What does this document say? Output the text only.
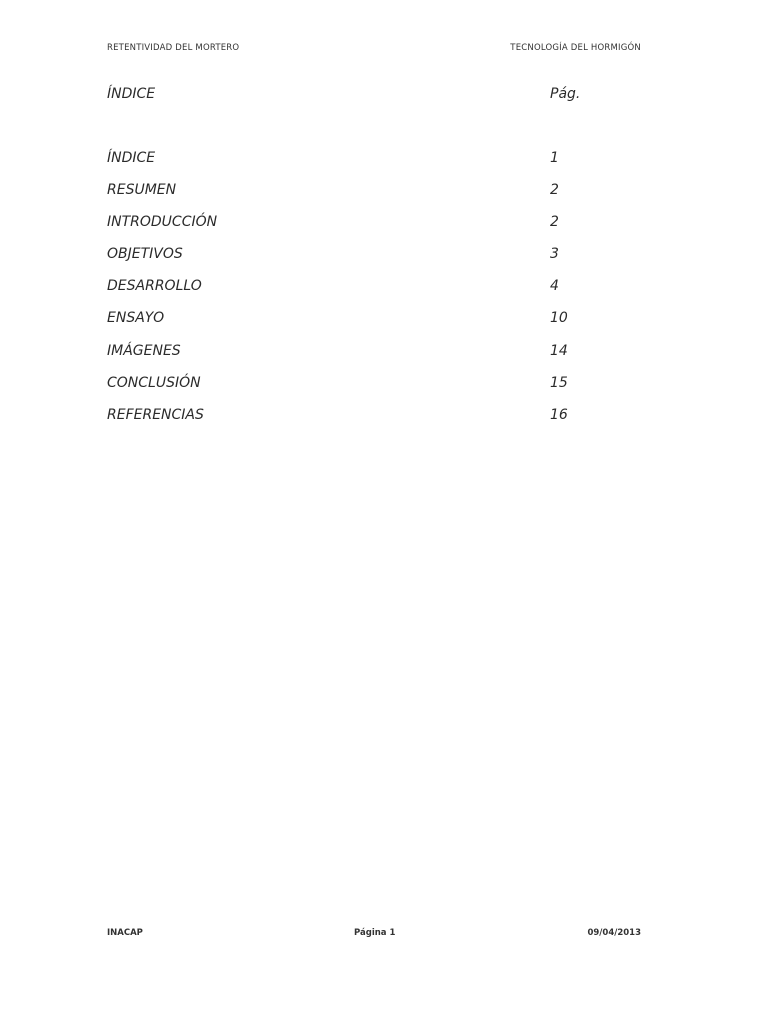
RETENTIVIDAD DEL MORTERO	TECNOLOGÍA DEL HORMIGÓN
ÍNDICE	Pág.
ÍNDICE	1
RESUMEN	2
INTRODUCCIÓN	2
OBJETIVOS	3
DESARROLLO	4
ENSAYO	10
IMÁGENES	14
CONCLUSIÓN	15
REFERENCIAS	16
INACAP	Página 1	09/04/2013
